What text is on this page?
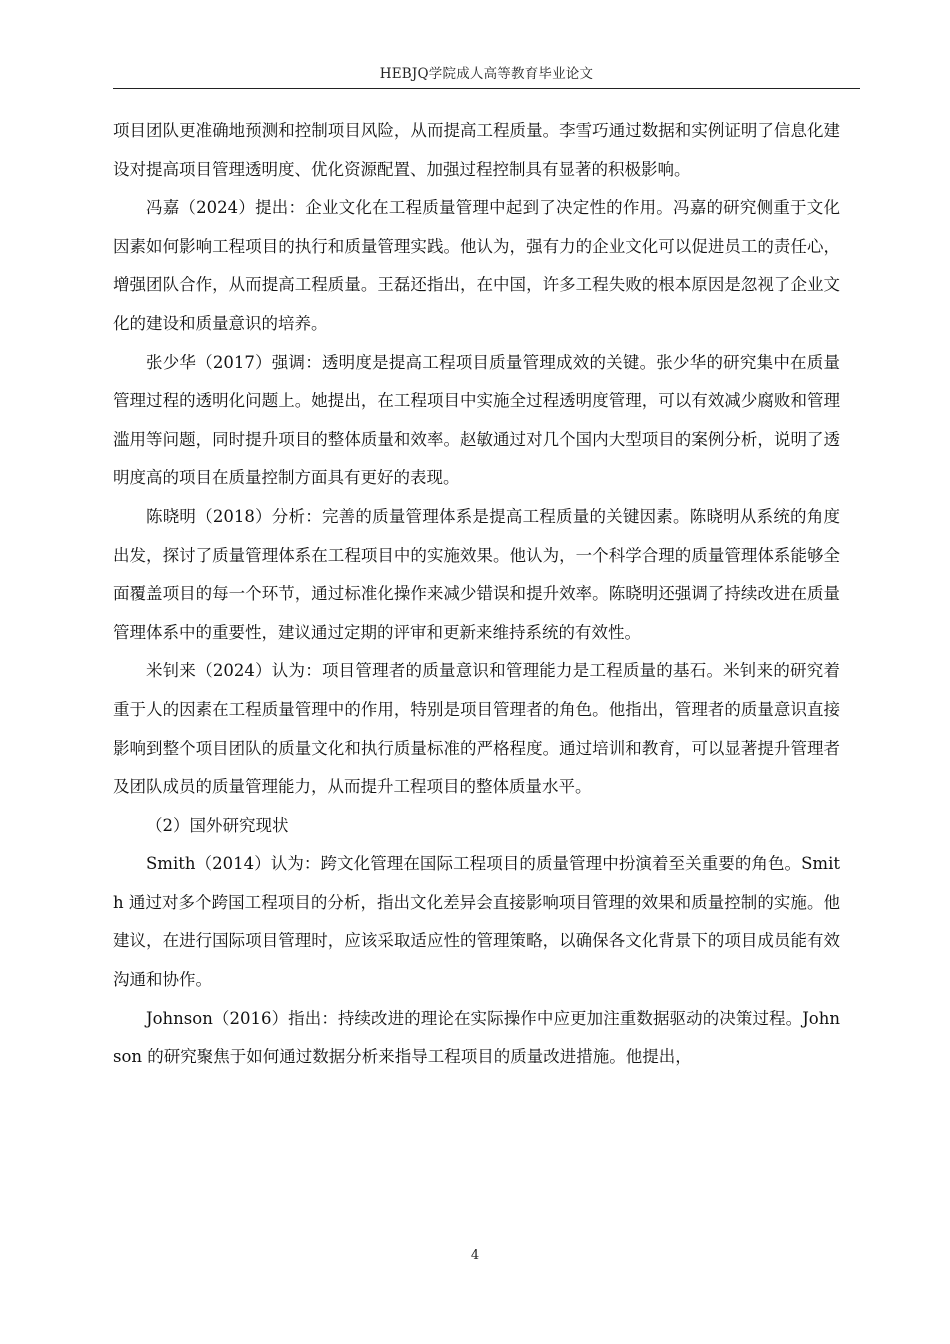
HEBJQ学院成人高等教育毕业论文

项目团队更准确地预测和控制项目风险，从而提高工程质量。李雪巧通过数据和实例证明了信息化建设对提高项目管理透明度、优化资源配置、加强过程控制具有显著的积极影响。

冯嘉（2024）提出：企业文化在工程质量管理中起到了决定性的作用。冯嘉的研究侧重于文化因素如何影响工程项目的执行和质量管理实践。他认为，强有力的企业文化可以促进员工的责任心，增强团队合作，从而提高工程质量。王磊还指出，在中国，许多工程失败的根本原因是忽视了企业文化的建设和质量意识的培养。

张少华（2017）强调：透明度是提高工程项目质量管理成效的关键。张少华的研究集中在质量管理过程的透明化问题上。她提出，在工程项目中实施全过程透明度管理，可以有效减少腐败和管理滥用等问题，同时提升项目的整体质量和效率。赵敏通过对几个国内大型项目的案例分析，说明了透明度高的项目在质量控制方面具有更好的表现。

陈晓明（2018）分析：完善的质量管理体系是提高工程质量的关键因素。陈晓明从系统的角度出发，探讨了质量管理体系在工程项目中的实施效果。他认为，一个科学合理的质量管理体系能够全面覆盖项目的每一个环节，通过标准化操作来减少错误和提升效率。陈晓明还强调了持续改进在质量管理体系中的重要性，建议通过定期的评审和更新来维持系统的有效性。

米钊来（2024）认为：项目管理者的质量意识和管理能力是工程质量的基石。米钊来的研究着重于人的因素在工程质量管理中的作用，特别是项目管理者的角色。他指出，管理者的质量意识直接影响到整个项目团队的质量文化和执行质量标准的严格程度。通过培训和教育，可以显著提升管理者及团队成员的质量管理能力，从而提升工程项目的整体质量水平。

（2）国外研究现状

Smith（2014）认为：跨文化管理在国际工程项目的质量管理中扮演着至关重要的角色。Smith 通过对多个跨国工程项目的分析，指出文化差异会直接影响项目管理的效果和质量控制的实施。他建议，在进行国际项目管理时，应该采取适应性的管理策略，以确保各文化背景下的项目成员能有效沟通和协作。

Johnson（2016）指出：持续改进的理论在实际操作中应更加注重数据驱动的决策过程。Johnson 的研究聚焦于如何通过数据分析来指导工程项目的质量改进措施。他提出，

4
